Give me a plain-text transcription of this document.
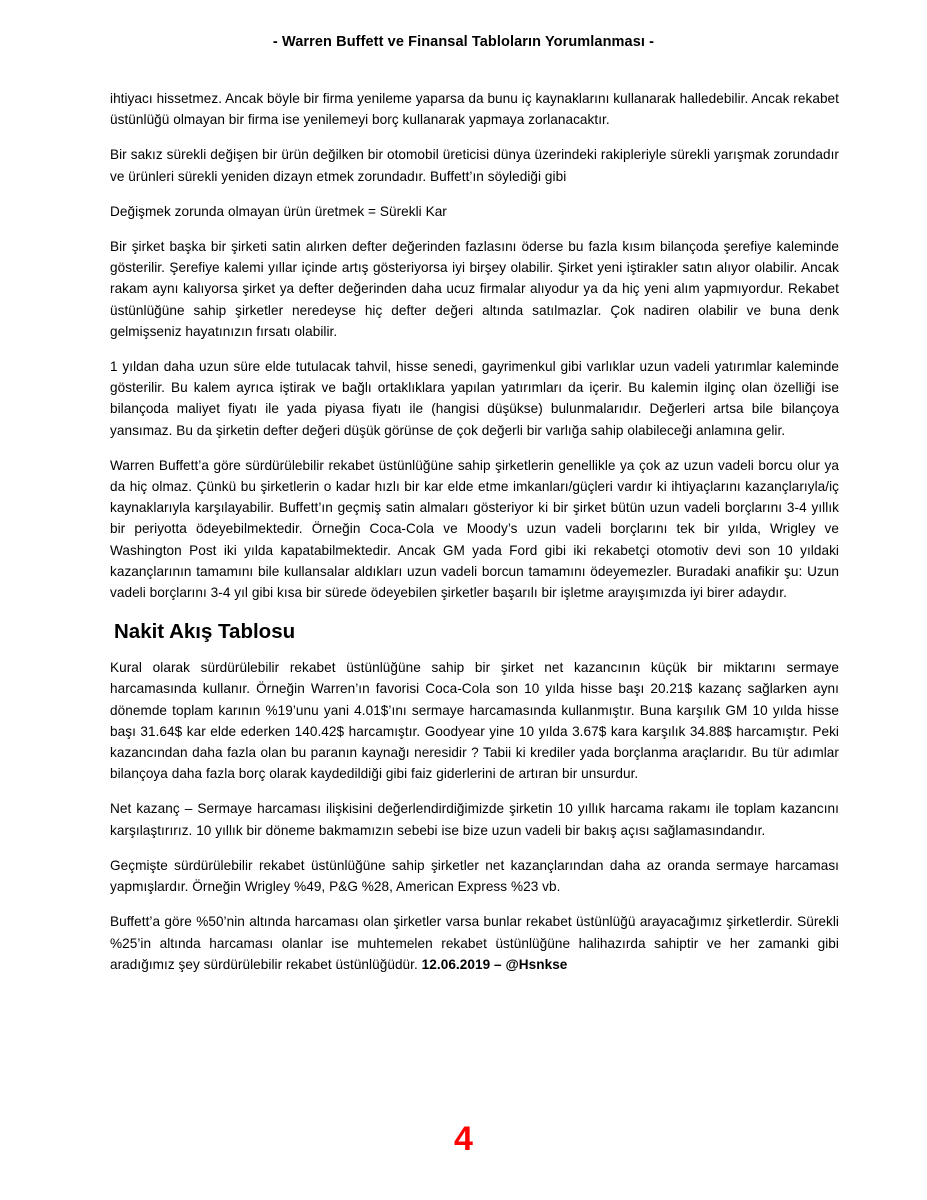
- Warren Buffett ve Finansal Tabloların Yorumlanması -

ihtiyacı hissetmez. Ancak böyle bir firma yenileme yaparsa da bunu iç kaynaklarını kullanarak halledebilir. Ancak rekabet üstünlüğü olmayan bir firma ise yenilemeyi borç kullanarak yapmaya zorlanacaktır.

Bir sakız sürekli değişen bir ürün değilken bir otomobil üreticisi dünya üzerindeki rakipleriyle sürekli yarışmak zorundadır ve ürünleri sürekli yeniden dizayn etmek zorundadır. Buffett’ın söylediği gibi

Değişmek zorunda olmayan ürün üretmek = Sürekli Kar

Bir şirket başka bir şirketi satin alırken defter değerinden fazlasını öderse bu fazla kısım bilançoda şerefiye kaleminde gösterilir. Şerefiye kalemi yıllar içinde artış gösteriyorsa iyi birşey olabilir. Şirket yeni iştirakler satın alıyor olabilir. Ancak rakam aynı kalıyorsa şirket ya defter değerinden daha ucuz firmalar alıyodur ya da hiç yeni alım yapmıyordur. Rekabet üstünlüğüne sahip şirketler neredeyse hiç defter değeri altında satılmazlar. Çok nadiren olabilir ve buna denk gelmişseniz hayatınızın fırsatı olabilir.

1 yıldan daha uzun süre elde tutulacak tahvil, hisse senedi, gayrimenkul gibi varlıklar uzun vadeli yatırımlar kaleminde gösterilir. Bu kalem ayrıca iştirak ve bağlı ortaklıklara yapılan yatırımları da içerir. Bu kalemin ilginç olan özelliği ise bilançoda maliyet fiyatı ile yada piyasa fiyatı ile (hangisi düşükse) bulunmalarıdır. Değerleri artsa bile bilançoya yansımaz. Bu da şirketin defter değeri düşük görünse de çok değerli bir varlığa sahip olabileceği anlamına gelir.

Warren Buffett’a göre sürdürülebilir rekabet üstünlüğüne sahip şirketlerin genellikle ya çok az uzun vadeli borcu olur ya da hiç olmaz. Çünkü bu şirketlerin o kadar hızlı bir kar elde etme imkanları/güçleri vardır ki ihtiyaçlarını kazançlarıyla/iç kaynaklarıyla karşılayabilir. Buffett’ın geçmiş satin almaları gösteriyor ki bir şirket bütün uzun vadeli borçlarını 3-4 yıllık bir periyotta ödeyebilmektedir. Örneğin Coca-Cola ve Moody’s uzun vadeli borçlarını tek bir yılda, Wrigley ve Washington Post iki yılda kapatabilmektedir. Ancak GM yada Ford gibi iki rekabetçi otomotiv devi son 10 yıldaki kazançlarının tamamını bile kullansalar aldıkları uzun vadeli borcun tamamını ödeyemezler. Buradaki anafikir şu: Uzun vadeli borçlarını 3-4 yıl gibi kısa bir sürede ödeyebilen şirketler başarılı bir işletme arayışımızda iyi birer adaydır.

Nakit Akış Tablosu

Kural olarak sürdürülebilir rekabet üstünlüğüne sahip bir şirket net kazancının küçük bir miktarını sermaye harcamasında kullanır. Örneğin Warren’ın favorisi Coca-Cola son 10 yılda hisse başı 20.21$ kazanç sağlarken aynı dönemde toplam karının %19’unu yani 4.01$’ını sermaye harcamasında kullanmıştır. Buna karşılık GM 10 yılda hisse başı 31.64$ kar elde ederken 140.42$ harcamıştır. Goodyear yine 10 yılda 3.67$ kara karşılık 34.88$ harcamıştır. Peki kazancından daha fazla olan bu paranın kaynağı neresidir ? Tabii ki krediler yada borçlanma araçlarıdır. Bu tür adımlar bilançoya daha fazla borç olarak kaydedildiği gibi faiz giderlerini de artıran bir unsurdur.

Net kazanç – Sermaye harcaması ilişkisini değerlendirdiğimizde şirketin 10 yıllık harcama rakamı ile toplam kazancını karşılaştırırız. 10 yıllık bir döneme bakmamızın sebebi ise bize uzun vadeli bir bakış açısı sağlamasındandır.

Geçmişte sürdürülebilir rekabet üstünlüğüne sahip şirketler net kazançlarından daha az oranda sermaye harcaması yapmışlardır. Örneğin Wrigley %49, P&G %28, American Express %23 vb.

Buffett’a göre %50’nin altında harcaması olan şirketler varsa bunlar rekabet üstünlüğü arayacağımız şirketlerdir. Sürekli %25’in altında harcaması olanlar ise muhtemelen rekabet üstünlüğüne halihazırda sahiptir ve her zamanki gibi aradığımız şey sürdürülebilir rekabet üstünlüğüdür. 12.06.2019 – @Hsnkse

4
